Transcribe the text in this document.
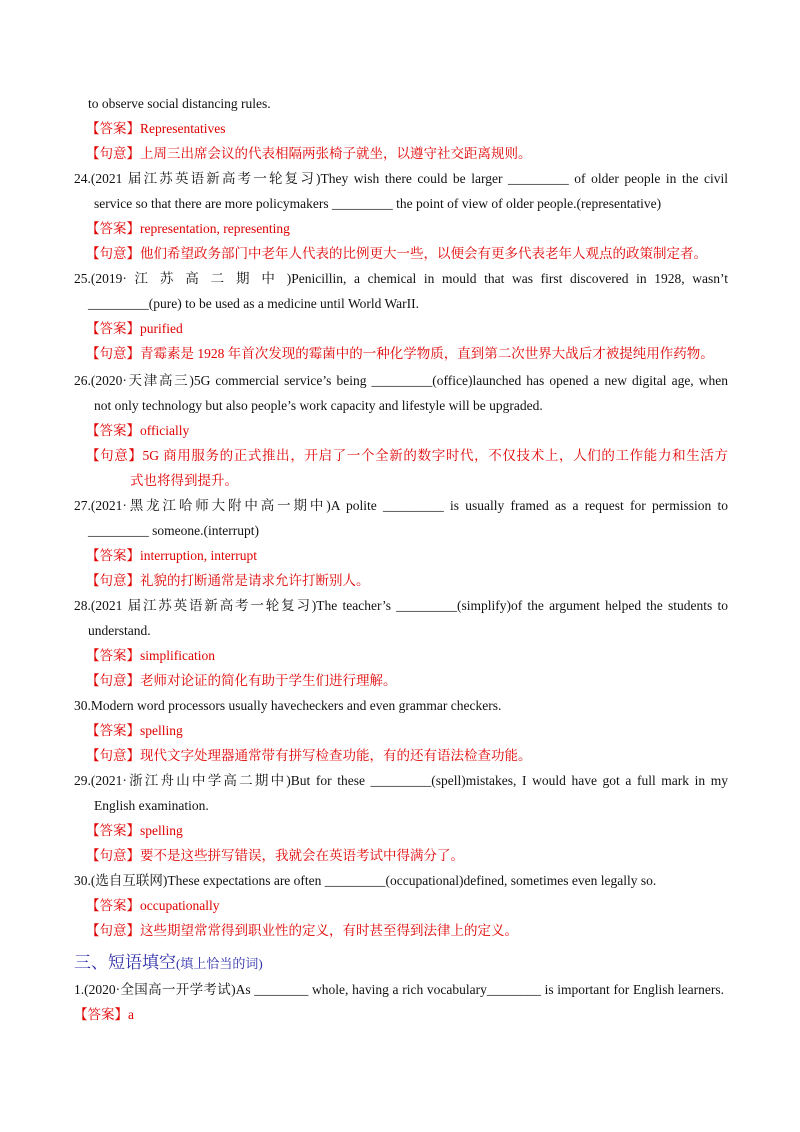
to observe social distancing rules.
【答案】Representatives
【句意】上周三出席会议的代表相隔两张椅子就坐，以遵守社交距离规则。
24.(2021 届江苏英语新高考一轮复习)They wish there could be larger _________ of older people in the civil
service so that there are more policymakers _________ the point of view of older people.(representative)
【答案】representation, representing
【句意】他们希望政务部门中老年人代表的比例更大一些，以便会有更多代表老年人观点的政策制定者。
25.(2019· 江 苏 高 二 期 中 )Penicillin, a chemical in mould that was first discovered in 1928, wasn’t
_________(pure) to be used as a medicine until World WarII.
【答案】purified
【句意】青霉素是 1928 年首次发现的霉菌中的一种化学物质，直到第二次世界大战后才被提纯用作药物。
26.(2020·天津高三)5G commercial service’s being _________(office)launched has opened a new digital age, when
not only technology but also people’s work capacity and lifestyle will be upgraded.
【答案】officially
【句意】5G 商用服务的正式推出，开启了一个全新的数字时代，不仅技术上，人们的工作能力和生活方
式也将得到提升。
27.(2021·黑龙江哈师大附中高一期中)A polite _________ is usually framed as a request for permission to
_________ someone.(interrupt)
【答案】interruption, interrupt
【句意】礼貌的打断通常是请求允许打断别人。
28.(2021 届江苏英语新高考一轮复习)The teacher’s _________(simplify)of the argument helped the students to
understand.
【答案】simplification
【句意】老师对论证的简化有助于学生们进行理解。
30.Modern word processors usually havecheckers and even grammar checkers.
【答案】spelling
【句意】现代文字处理器通常带有拼写检查功能，有的还有语法检查功能。
29.(2021·浙江舟山中学高二期中)But for these _________(spell)mistakes, I would have got a full mark in my
English examination.
【答案】spelling
【句意】要不是这些拼写错误，我就会在英语考试中得满分了。
30.(选自互联网)These expectations are often _________(occupational)defined, sometimes even legally so.
【答案】occupationally
【句意】这些期望常常得到职业性的定义，有时甚至得到法律上的定义。
三、短语填空(填上恰当的词)
1.(2020·全国高一开学考试)As ________ whole, having a rich vocabulary________ is important for English learners.
【答案】a
